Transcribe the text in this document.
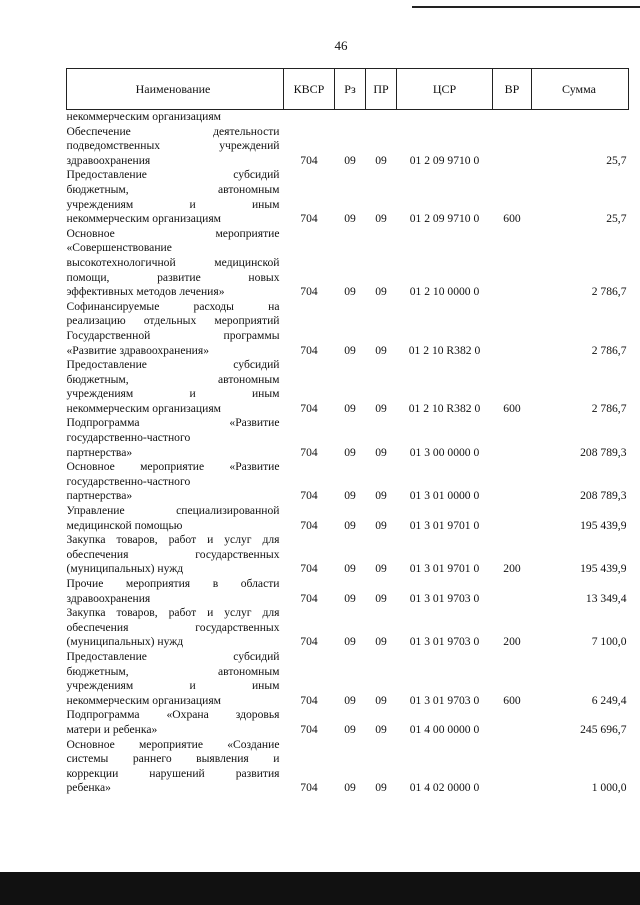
46
Наименование	КВСР	Рз	ПР	ЦСР	ВР	Сумма

некоммерческим организациям						

Обеспечение деятельности
подведомственных учреждений
здравоохранения	704	09	09	01 2 09 9710 0		25,7

Предоставление субсидий
бюджетным, автономным
учреждениям и иным
некоммерческим организациям	704	09	09	01 2 09 9710 0	600	25,7

Основное мероприятие
«Совершенствование
высокотехнологичной медицинской
помощи, развитие новых
эффективных методов лечения»	704	09	09	01 2 10 0000 0		2 786,7

Софинансируемые расходы на
реализацию отдельных мероприятий
Государственной программы
«Развитие здравоохранения»	704	09	09	01 2 10 R382 0		2 786,7

Предоставление субсидий
бюджетным, автономным
учреждениям и иным
некоммерческим организациям	704	09	09	01 2 10 R382 0	600	2 786,7

Подпрограмма «Развитие
государственно-частного
партнерства»	704	09	09	01 3 00 0000 0		208 789,3

Основное мероприятие «Развитие
государственно-частного
партнерства»	704	09	09	01 3 01 0000 0		208 789,3

Управление специализированной
медицинской помощью	704	09	09	01 3 01 9701 0		195 439,9

Закупка товаров, работ и услуг для
обеспечения государственных
(муниципальных) нужд	704	09	09	01 3 01 9701 0	200	195 439,9

Прочие мероприятия в области
здравоохранения	704	09	09	01 3 01 9703 0		13 349,4

Закупка товаров, работ и услуг для
обеспечения государственных
(муниципальных) нужд	704	09	09	01 3 01 9703 0	200	7 100,0

Предоставление субсидий
бюджетным, автономным
учреждениям и иным
некоммерческим организациям	704	09	09	01 3 01 9703 0	600	6 249,4

Подпрограмма «Охрана здоровья
матери и ребенка»	704	09	09	01 4 00 0000 0		245 696,7

Основное мероприятие «Создание
системы раннего выявления и
коррекции нарушений развития
ребенка»	704	09	09	01 4 02 0000 0		1 000,0
